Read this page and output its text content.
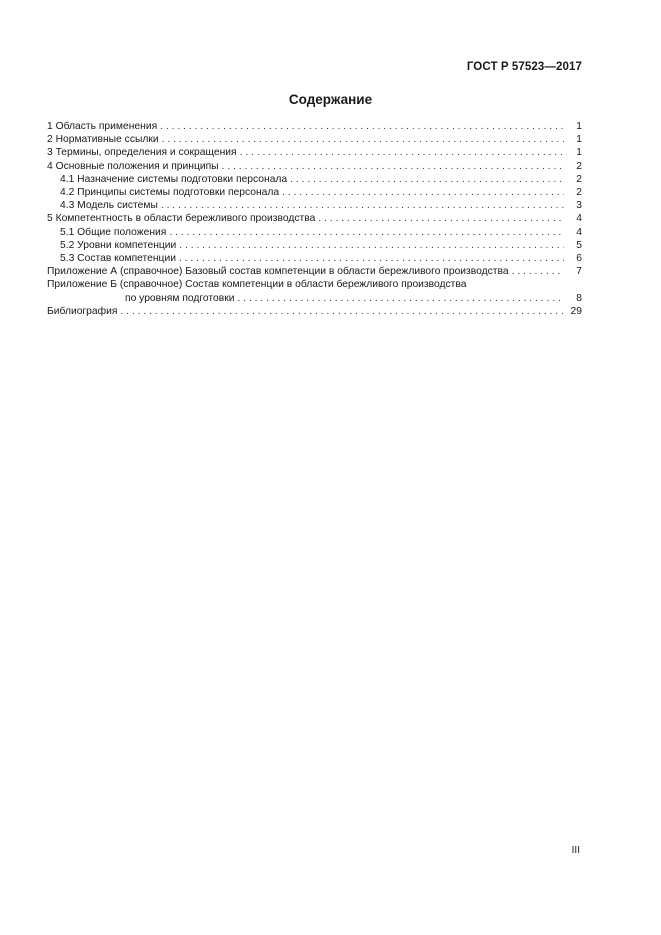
ГОСТ Р 57523—2017
Содержание
1 Область применения . . .	1
2 Нормативные ссылки . . .	1
3 Термины, определения и сокращения . . .	1
4 Основные положения и принципы . . .	2
4.1 Назначение системы подготовки персонала . . .	2
4.2 Принципы системы подготовки персонала . . .	2
4.3 Модель системы . . .	3
5 Компетентность в области бережливого производства . . .	4
5.1 Общие положения . . .	4
5.2 Уровни компетенции . . .	5
5.3 Состав компетенции . . .	6
Приложение А (справочное) Базовый состав компетенции в области бережливого производства . . .	7
Приложение Б (справочное) Состав компетенции в области бережливого производства
по уровням подготовки . . .	8
Библиография . . .	29
III
